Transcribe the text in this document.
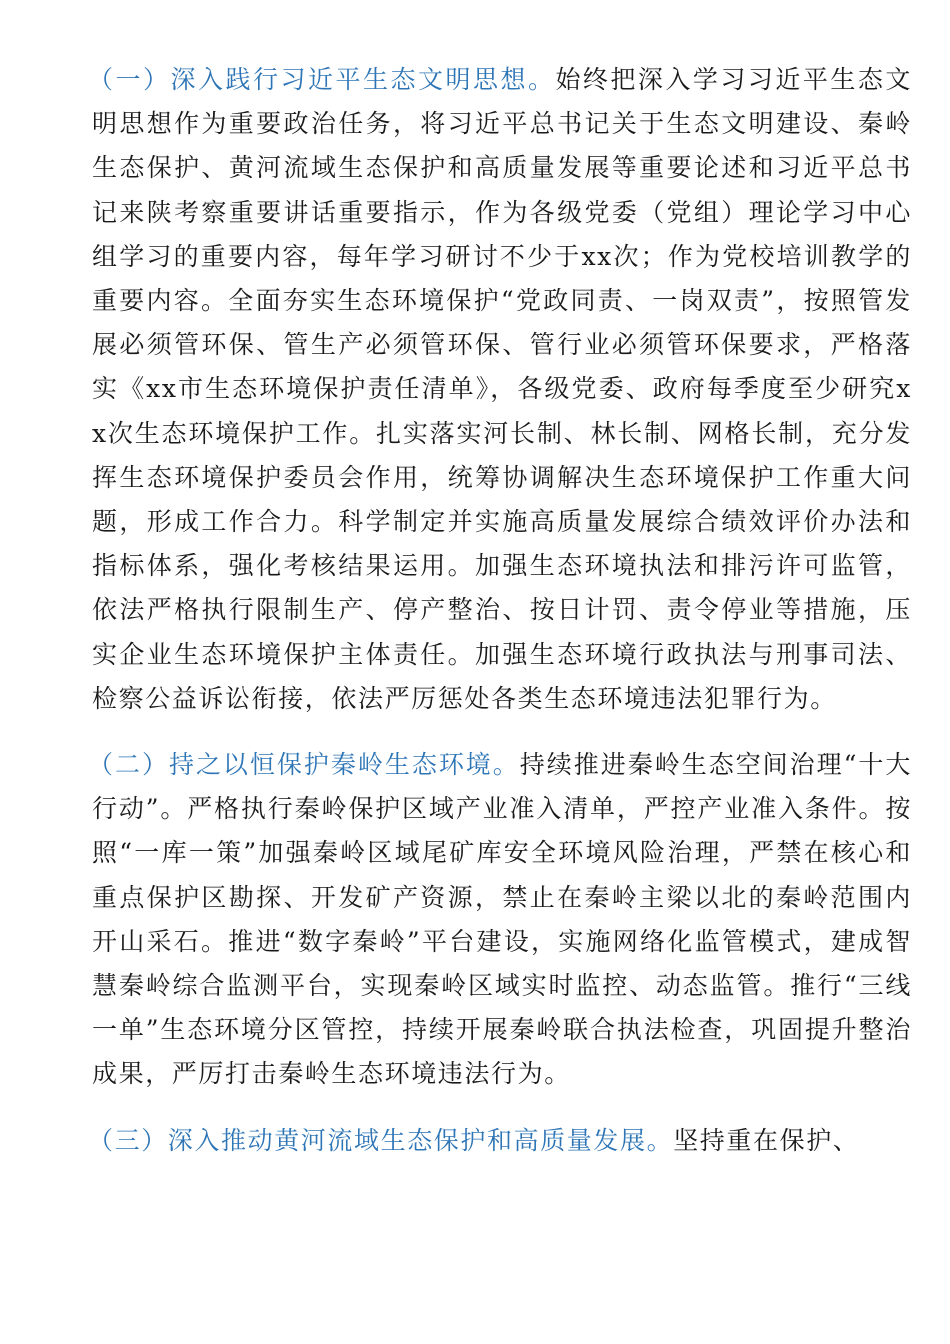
（一）深入践行习近平生态文明思想。始终把深入学习习近平生态文明思想作为重要政治任务，将习近平总书记关于生态文明建设、秦岭生态保护、黄河流域生态保护和高质量发展等重要论述和习近平总书记来陕考察重要讲话重要指示，作为各级党委（党组）理论学习中心组学习的重要内容，每年学习研讨不少于xx次；作为党校培训教学的重要内容。全面夯实生态环境保护“党政同责、一岗双责”，按照管发展必须管环保、管生产必须管环保、管行业必须管环保要求，严格落实《xx市生态环境保护责任清单》，各级党委、政府每季度至少研究xx次生态环境保护工作。扎实落实河长制、林长制、网格长制，充分发挥生态环境保护委员会作用，统筹协调解决生态环境保护工作重大问题，形成工作合力。科学制定并实施高质量发展综合绩效评价办法和指标体系，强化考核结果运用。加强生态环境执法和排污许可监管，依法严格执行限制生产、停产整治、按日计罚、责令停业等措施，压实企业生态环境保护主体责任。加强生态环境行政执法与刑事司法、检察公益诉讼衔接，依法严厉惩处各类生态环境违法犯罪行为。

（二）持之以恒保护秦岭生态环境。持续推进秦岭生态空间治理“十大行动”。严格执行秦岭保护区域产业准入清单，严控产业准入条件。按照“一库一策”加强秦岭区域尾矿库安全环境风险治理，严禁在核心和重点保护区勘探、开发矿产资源，禁止在秦岭主梁以北的秦岭范围内开山采石。推进“数字秦岭”平台建设，实施网络化监管模式，建成智慧秦岭综合监测平台，实现秦岭区域实时监控、动态监管。推行“三线一单”生态环境分区管控，持续开展秦岭联合执法检查，巩固提升整治成果，严厉打击秦岭生态环境违法行为。

（三）深入推动黄河流域生态保护和高质量发展。坚持重在保护、
